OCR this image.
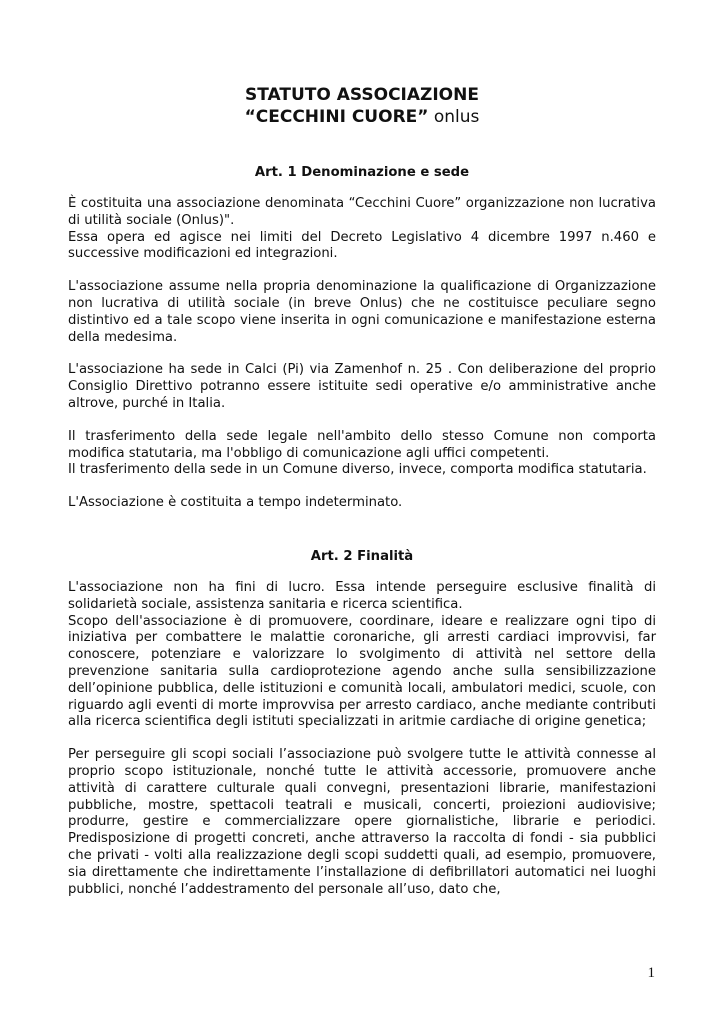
STATUTO ASSOCIAZIONE

“CECCHINI CUORE” onlus

Art. 1 Denominazione e sede

È costituita una associazione denominata “Cecchini Cuore” organizzazione non lucrativa di utilità sociale (Onlus)".

Essa opera ed agisce nei limiti del Decreto Legislativo 4 dicembre 1997 n.460 e successive modificazioni ed integrazioni.

L'associazione assume nella propria denominazione la qualificazione di Organizzazione non lucrativa di utilità sociale (in breve Onlus) che ne costituisce peculiare segno distintivo ed a tale scopo viene inserita in ogni comunicazione e manifestazione esterna della medesima.

L'associazione ha sede in Calci (Pi) via Zamenhof n. 25 . Con deliberazione del proprio Consiglio Direttivo potranno essere istituite sedi operative e/o amministrative anche altrove, purché in Italia.

Il trasferimento della sede legale nell'ambito dello stesso Comune non comporta modifica statutaria, ma l'obbligo di comunicazione agli uffici competenti.

Il trasferimento della sede in un Comune diverso, invece, comporta modifica statutaria.

L'Associazione è costituita a tempo indeterminato.

Art. 2 Finalità

L'associazione non ha fini di lucro. Essa intende perseguire esclusive finalità di solidarietà sociale, assistenza sanitaria e ricerca scientifica.

Scopo dell'associazione è di promuovere, coordinare, ideare e realizzare ogni tipo di iniziativa per combattere le malattie coronariche, gli arresti cardiaci improvvisi, far conoscere, potenziare e valorizzare lo svolgimento di attività nel settore della prevenzione sanitaria sulla cardioprotezione agendo anche sulla sensibilizzazione dell’opinione pubblica, delle istituzioni e comunità locali, ambulatori medici, scuole, con riguardo agli eventi di morte improvvisa per arresto cardiaco, anche mediante contributi alla ricerca scientifica degli istituti specializzati in aritmie cardiache di origine genetica;

Per perseguire gli scopi sociali l’associazione può svolgere tutte le attività connesse al proprio scopo istituzionale, nonché tutte le attività accessorie, promuovere anche attività di carattere culturale quali convegni, presentazioni librarie, manifestazioni pubbliche, mostre, spettacoli teatrali e musicali, concerti, proiezioni audiovisive; produrre, gestire e commercializzare opere giornalistiche, librarie e periodici. Predisposizione di progetti concreti, anche attraverso la raccolta di fondi - sia pubblici che privati - volti alla realizzazione degli scopi suddetti quali, ad esempio, promuovere, sia direttamente che indirettamente l’installazione di defibrillatori automatici nei luoghi pubblici, nonché l’addestramento del personale all’uso, dato che,

1
